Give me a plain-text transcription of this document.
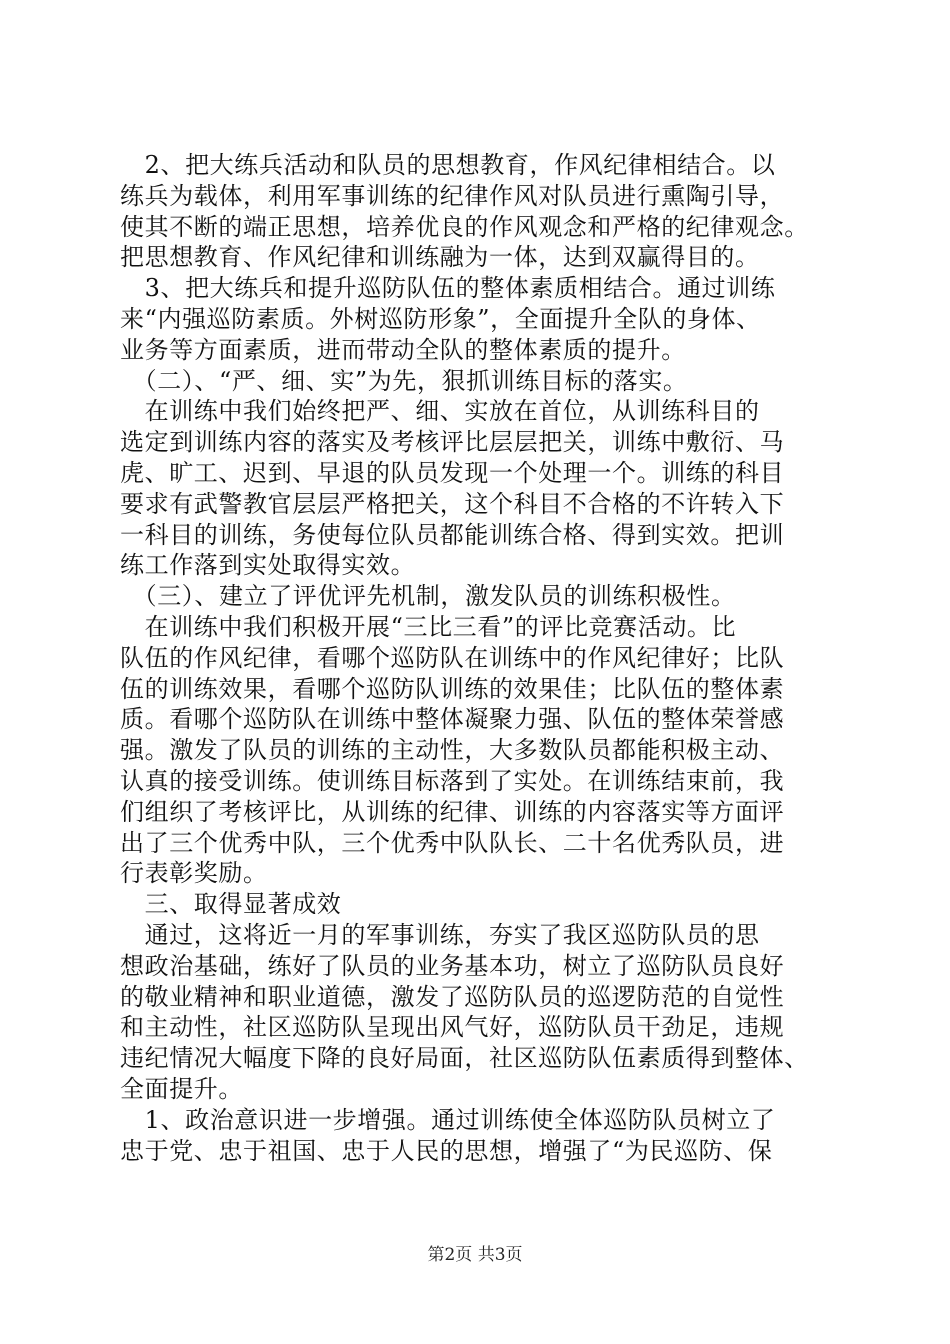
　2、把大练兵活动和队员的思想教育，作风纪律相结合。以
练兵为载体，利用军事训练的纪律作风对队员进行熏陶引导，
使其不断的端正思想，培养优良的作风观念和严格的纪律观念。
把思想教育、作风纪律和训练融为一体，达到双赢得目的。
　3、把大练兵和提升巡防队伍的整体素质相结合。通过训练
来“内强巡防素质。外树巡防形象”，全面提升全队的身体、
业务等方面素质，进而带动全队的整体素质的提升。
　（二）、“严、细、实”为先，狠抓训练目标的落实。
　在训练中我们始终把严、细、实放在首位，从训练科目的
选定到训练内容的落实及考核评比层层把关，训练中敷衍、马
虎、旷工、迟到、早退的队员发现一个处理一个。训练的科目
要求有武警教官层层严格把关，这个科目不合格的不许转入下
一科目的训练，务使每位队员都能训练合格、得到实效。把训
练工作落到实处取得实效。
　（三）、建立了评优评先机制，激发队员的训练积极性。
　在训练中我们积极开展“三比三看”的评比竞赛活动。比
队伍的作风纪律，看哪个巡防队在训练中的作风纪律好；比队
伍的训练效果，看哪个巡防队训练的效果佳；比队伍的整体素
质。看哪个巡防队在训练中整体凝聚力强、队伍的整体荣誉感
强。激发了队员的训练的主动性，大多数队员都能积极主动、
认真的接受训练。使训练目标落到了实处。在训练结束前，我
们组织了考核评比，从训练的纪律、训练的内容落实等方面评
出了三个优秀中队，三个优秀中队队长、二十名优秀队员，进
行表彰奖励。
　三、取得显著成效
　通过，这将近一月的军事训练，夯实了我区巡防队员的思
想政治基础，练好了队员的业务基本功，树立了巡防队员良好
的敬业精神和职业道德，激发了巡防队员的巡逻防范的自觉性
和主动性，社区巡防队呈现出风气好，巡防队员干劲足，违规
违纪情况大幅度下降的良好局面，社区巡防队伍素质得到整体、
全面提升。
　1、政治意识进一步增强。通过训练使全体巡防队员树立了
忠于党、忠于祖国、忠于人民的思想，增强了“为民巡防、保
第2页 共3页
